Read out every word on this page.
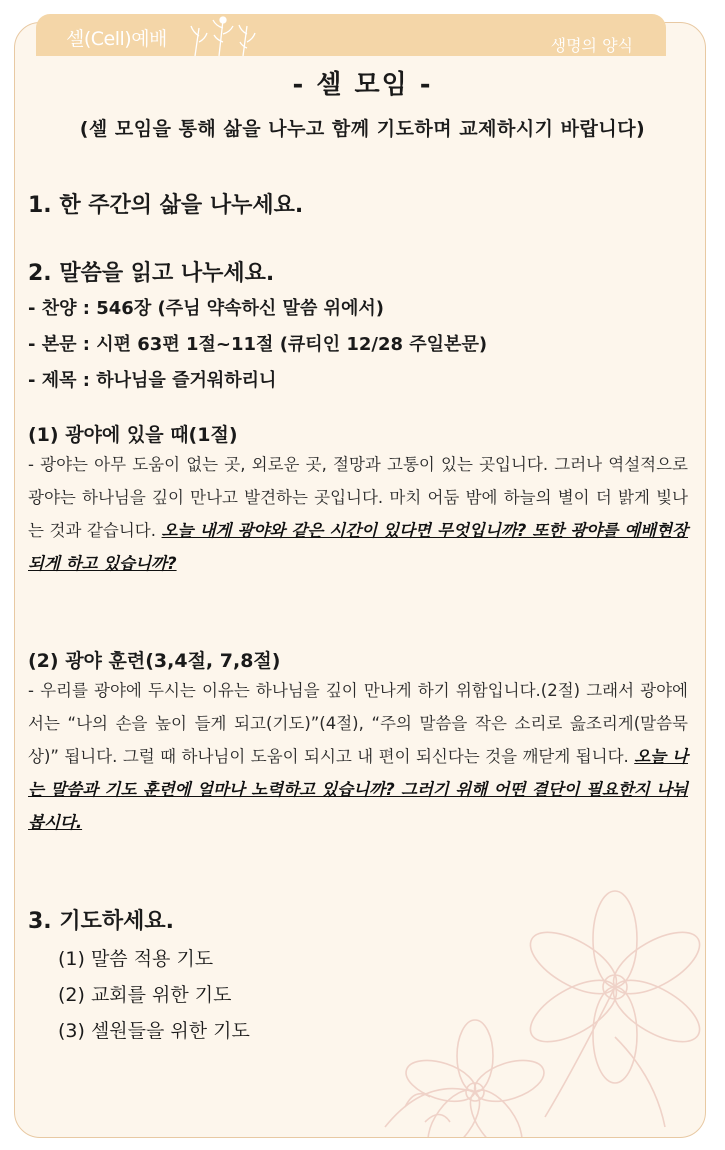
셀(Cell)예배	생명의 양식
- 셀 모임 -
(셀 모임을 통해 삶을 나누고 함께 기도하며 교제하시기 바랍니다)
1. 한 주간의 삶을 나누세요.
2. 말씀을 읽고 나누세요.
- 찬양 : 546장 (주님 약속하신 말씀 위에서)
- 본문 : 시편 63편 1절~11절 (큐티인 12/28 주일본문)
- 제목 : 하나님을 즐거워하리니
(1) 광야에 있을 때(1절)
- 광야는 아무 도움이 없는 곳, 외로운 곳, 절망과 고통이 있는 곳입니다. 그러나 역설적으로 광야는 하나님을 깊이 만나고 발견하는 곳입니다. 마치 어둠 밤에 하늘의 별이 더 밝게 빛나는 것과 같습니다. 오늘 내게 광야와 같은 시간이 있다면 무엇입니까? 또한 광야를 예배현장 되게 하고 있습니까?
(2) 광야 훈련(3,4절, 7,8절)
- 우리를 광야에 두시는 이유는 하나님을 깊이 만나게 하기 위함입니다.(2절) 그래서 광야에서는 “나의 손을 높이 들게 되고(기도)”(4절), “주의 말씀을 작은 소리로 읊조리게(말씀묵상)” 됩니다. 그럴 때 하나님이 도움이 되시고 내 편이 되신다는 것을 깨닫게 됩니다. 오늘 나는 말씀과 기도 훈련에 얼마나 노력하고 있습니까? 그러기 위해 어떤 결단이 필요한지 나눠봅시다.
3. 기도하세요.
(1) 말씀 적용 기도
(2) 교회를 위한 기도
(3) 셀원들을 위한 기도
